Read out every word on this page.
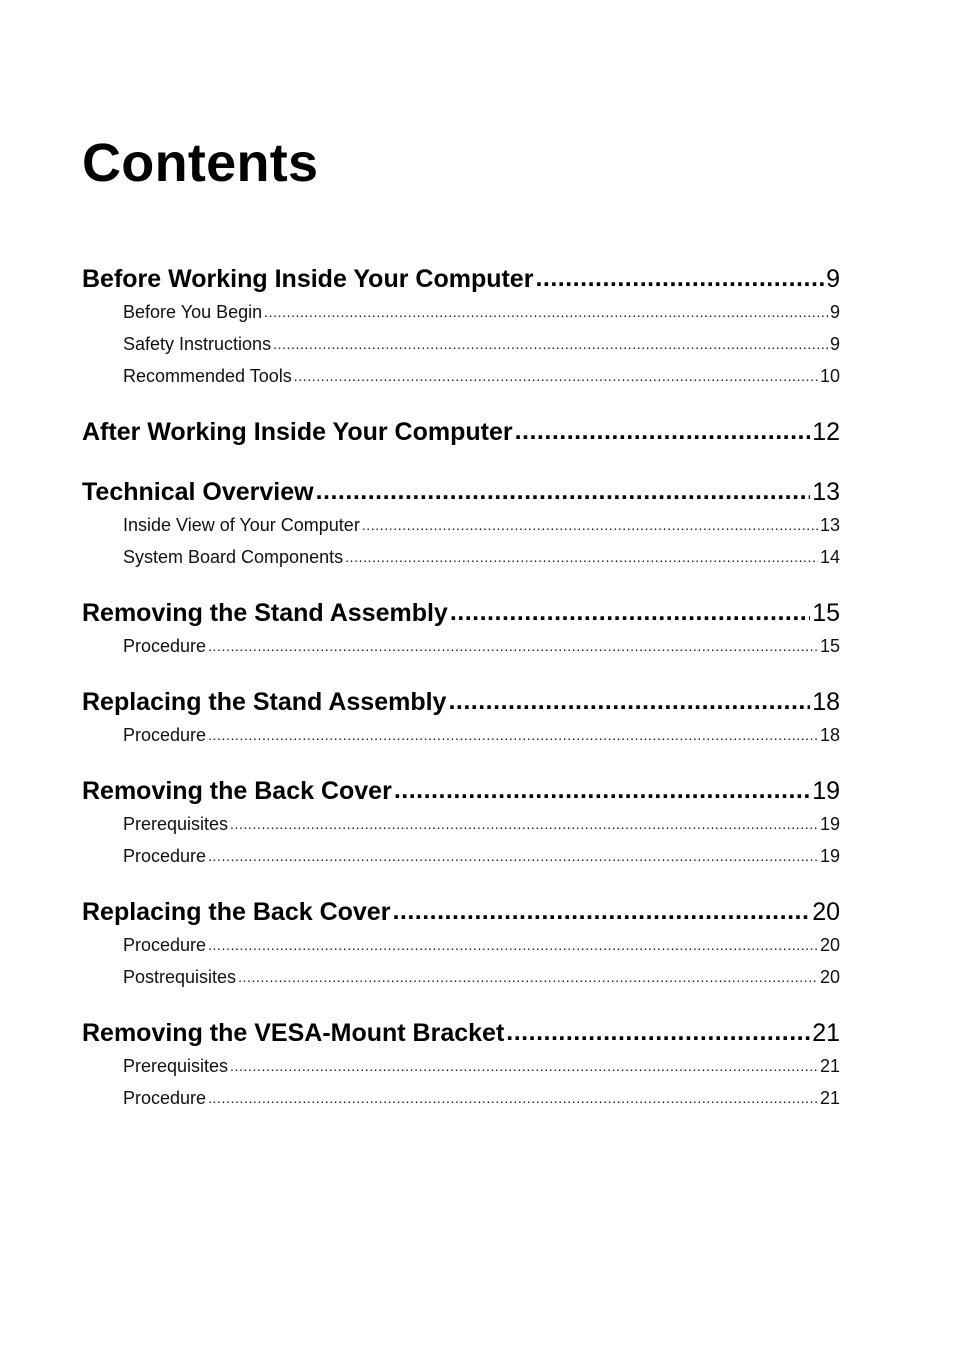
Contents
Before Working Inside Your Computer .....	9
Before You Begin .....	9
Safety Instructions .....	9
Recommended Tools .....	10
After Working Inside Your Computer .....	12
Technical Overview .....	13
Inside View of Your Computer .....	13
System Board Components .....	14
Removing the Stand Assembly .....	15
Procedure .....	15
Replacing the Stand Assembly .....	18
Procedure .....	18
Removing the Back Cover .....	19
Prerequisites .....	19
Procedure .....	19
Replacing the Back Cover .....	20
Procedure .....	20
Postrequisites .....	20
Removing the VESA-Mount Bracket .....	21
Prerequisites .....	21
Procedure .....	21
